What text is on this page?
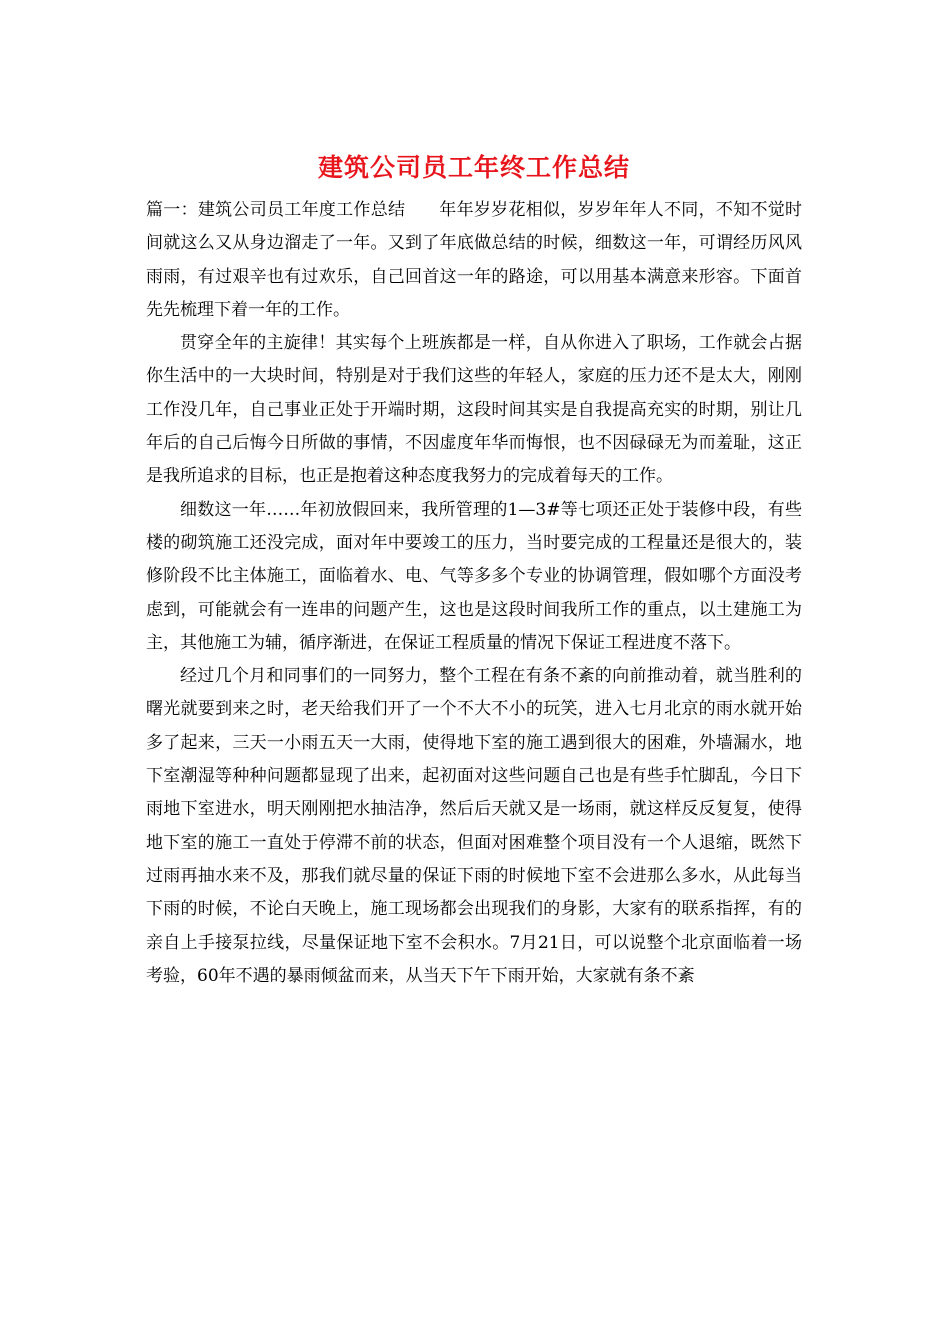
建筑公司员工年终工作总结

篇一：建筑公司员工年度工作总结 年年岁岁花相似，岁岁年年人不同，不知不觉时间就这么又从身边溜走了一年。又到了年底做总结的时候，细数这一年，可谓经历风风雨雨，有过艰辛也有过欢乐，自己回首这一年的路途，可以用基本满意来形容。下面首先先梳理下着一年的工作。

贯穿全年的主旋律！其实每个上班族都是一样，自从你进入了职场，工作就会占据你生活中的一大块时间，特别是对于我们这些的年轻人，家庭的压力还不是太大，刚刚工作没几年，自己事业正处于开端时期，这段时间其实是自我提高充实的时期，别让几年后的自己后悔今日所做的事情，不因虚度年华而悔恨，也不因碌碌无为而羞耻，这正是我所追求的目标，也正是抱着这种态度我努力的完成着每天的工作。

细数这一年……年初放假回来，我所管理的1—3#等七项还正处于装修中段，有些楼的砌筑施工还没完成，面对年中要竣工的压力，当时要完成的工程量还是很大的，装修阶段不比主体施工，面临着水、电、气等多多个专业的协调管理，假如哪个方面没考虑到，可能就会有一连串的问题产生，这也是这段时间我所工作的重点，以土建施工为主，其他施工为辅，循序渐进，在保证工程质量的情况下保证工程进度不落下。

经过几个月和同事们的一同努力，整个工程在有条不紊的向前推动着，就当胜利的曙光就要到来之时，老天给我们开了一个不大不小的玩笑，进入七月北京的雨水就开始多了起来，三天一小雨五天一大雨，使得地下室的施工遇到很大的困难，外墙漏水，地下室潮湿等种种问题都显现了出来，起初面对这些问题自己也是有些手忙脚乱，今日下雨地下室进水，明天刚刚把水抽洁净，然后后天就又是一场雨，就这样反反复复，使得地下室的施工一直处于停滞不前的状态，但面对困难整个项目没有一个人退缩，既然下过雨再抽水来不及，那我们就尽量的保证下雨的时候地下室不会进那么多水，从此每当下雨的时候，不论白天晚上，施工现场都会出现我们的身影，大家有的联系指挥，有的亲自上手接泵拉线，尽量保证地下室不会积水。7月21日，可以说整个北京面临着一场考验，60年不遇的暴雨倾盆而来，从当天下午下雨开始，大家就有条不紊
